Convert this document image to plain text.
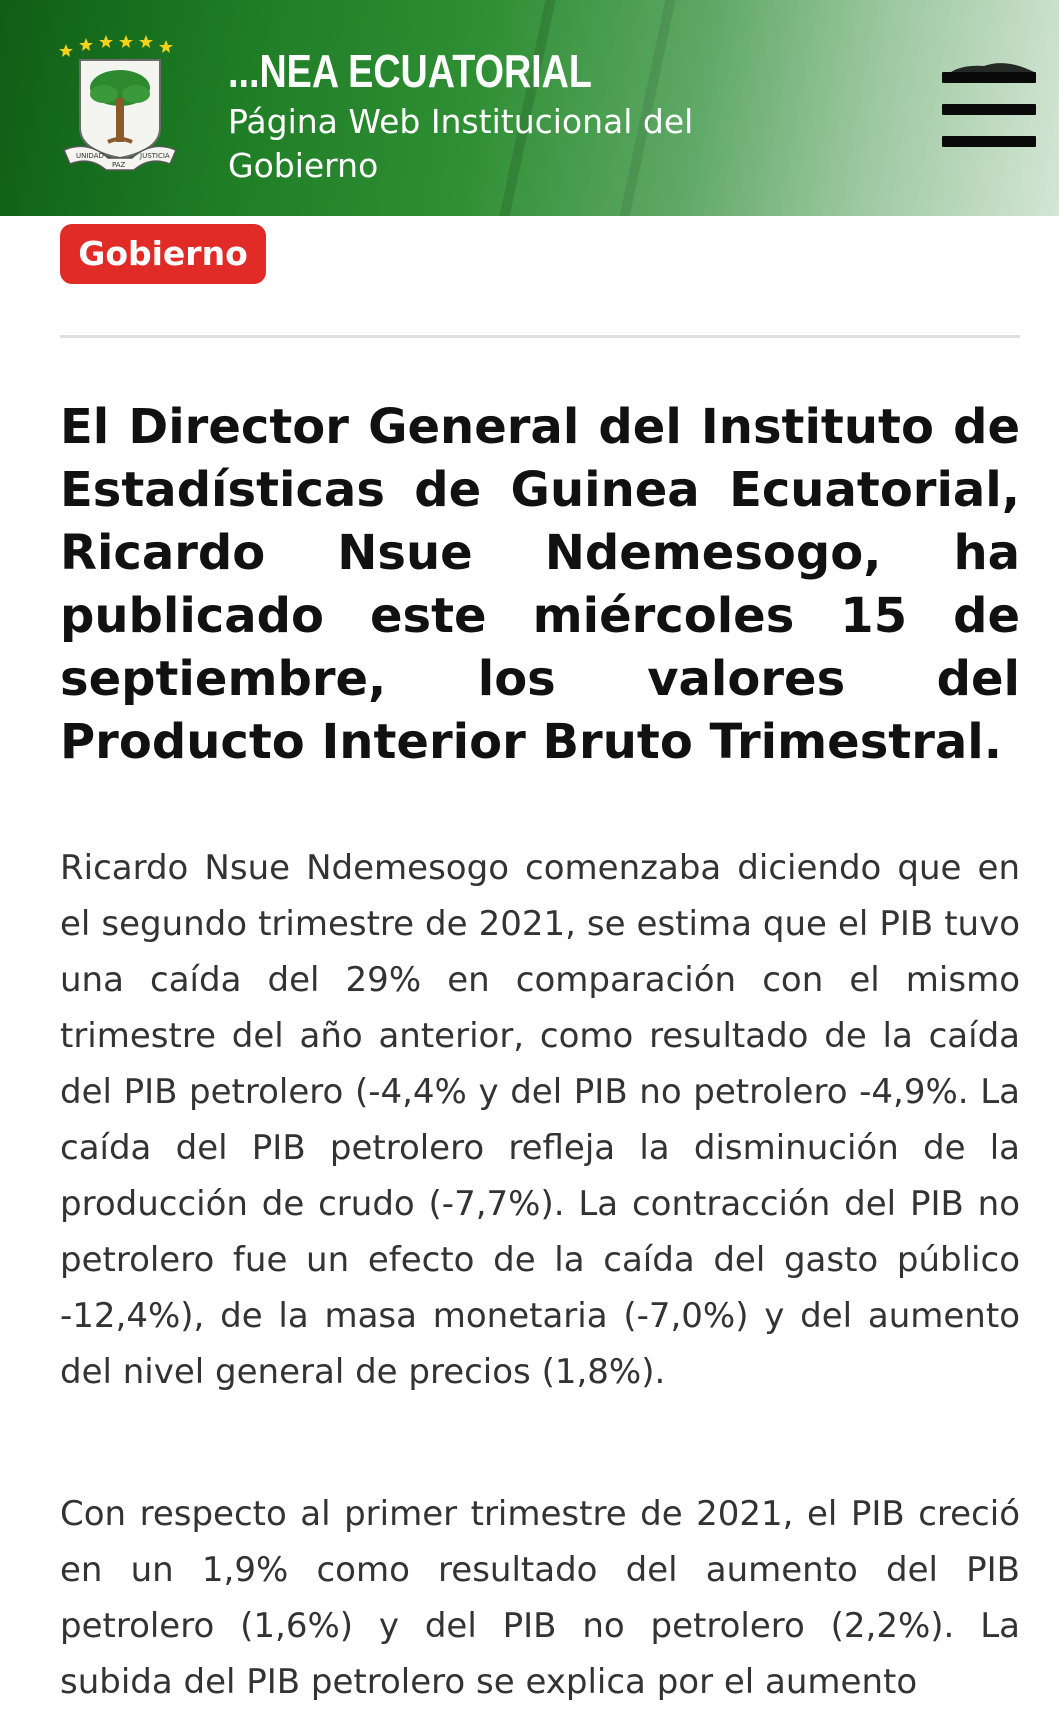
UNIDAD
PAZ
JUSTICIA
...NEA ECUATORIAL
Página Web Institucional del Gobierno
Gobierno
El Director General del Instituto de Estadísticas de Guinea Ecuatorial, Ricardo Nsue Ndemesogo, ha publicado este miércoles 15 de septiembre, los valores del Producto Interior Bruto Trimestral.

Ricardo Nsue Ndemesogo comenzaba diciendo que en el segundo trimestre de 2021, se estima que el PIB tuvo una caída del 29% en comparación con el mismo trimestre del año anterior, como resultado de la caída del PIB petrolero (-4,4% y del PIB no petrolero -4,9%. La caída del PIB petrolero refleja la disminución de la producción de crudo (-7,7%). La contracción del PIB no petrolero fue un efecto de la caída del gasto público -12,4%), de la masa monetaria (-7,0%) y del aumento del nivel general de precios (1,8%).

Con respecto al primer trimestre de 2021, el PIB creció en un 1,9% como resultado del aumento del PIB petrolero (1,6%) y del PIB no petrolero (2,2%). La subida del PIB petrolero se explica por el aumento
